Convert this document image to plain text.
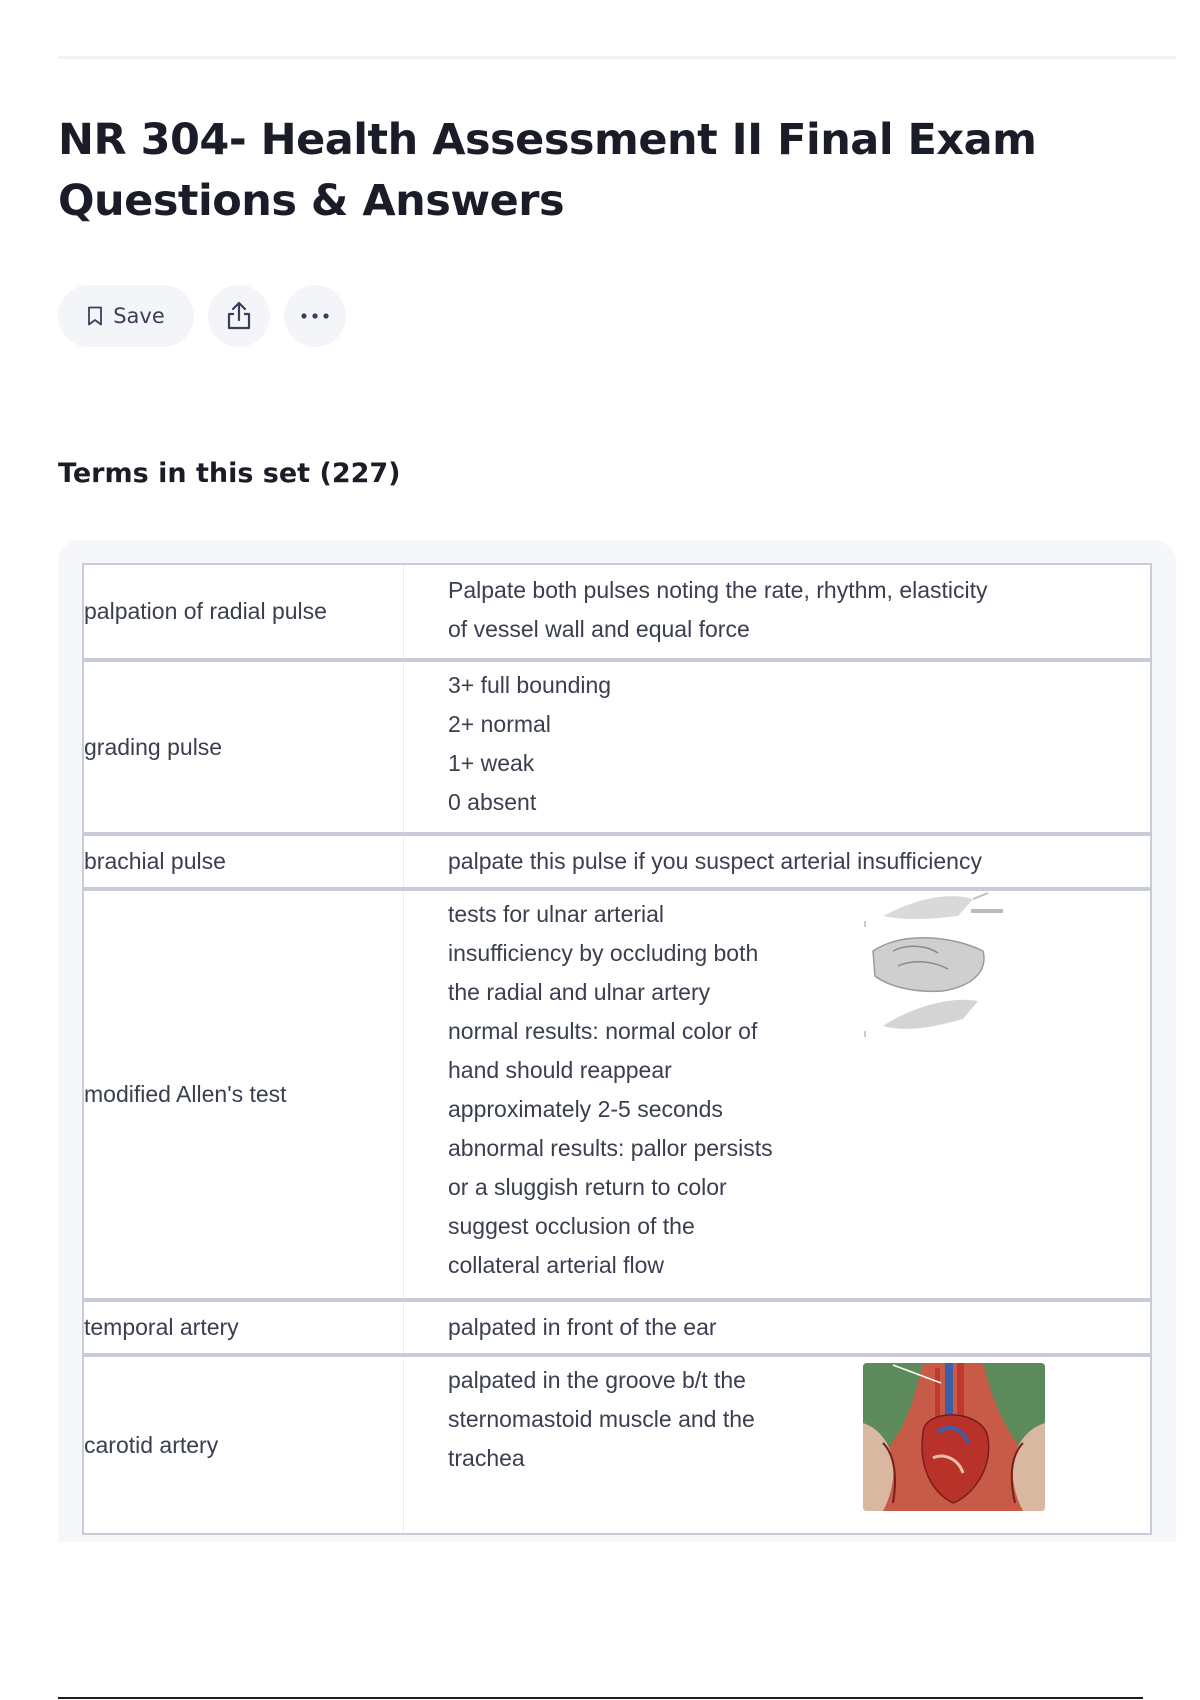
NR 304- Health Assessment II Final Exam Questions & Answers
Save
Terms in this set (227)
palpation of radial pulse
Palpate both pulses noting the rate, rhythm, elasticity
of vessel wall and equal force
grading pulse
3+ full bounding
2+ normal
1+ weak
0 absent
brachial pulse	palpate this pulse if you suspect arterial insufficiency
modified Allen's test
tests for ulnar arterial
insufficiency by occluding both
the radial and ulnar artery
normal results: normal color of
hand should reappear
approximately 2-5 seconds
abnormal results: pallor persists
or a sluggish return to color
suggest occlusion of the
collateral arterial flow
temporal artery	palpated in front of the ear
carotid artery
palpated in the groove b/t the
sternomastoid muscle and the
trachea
